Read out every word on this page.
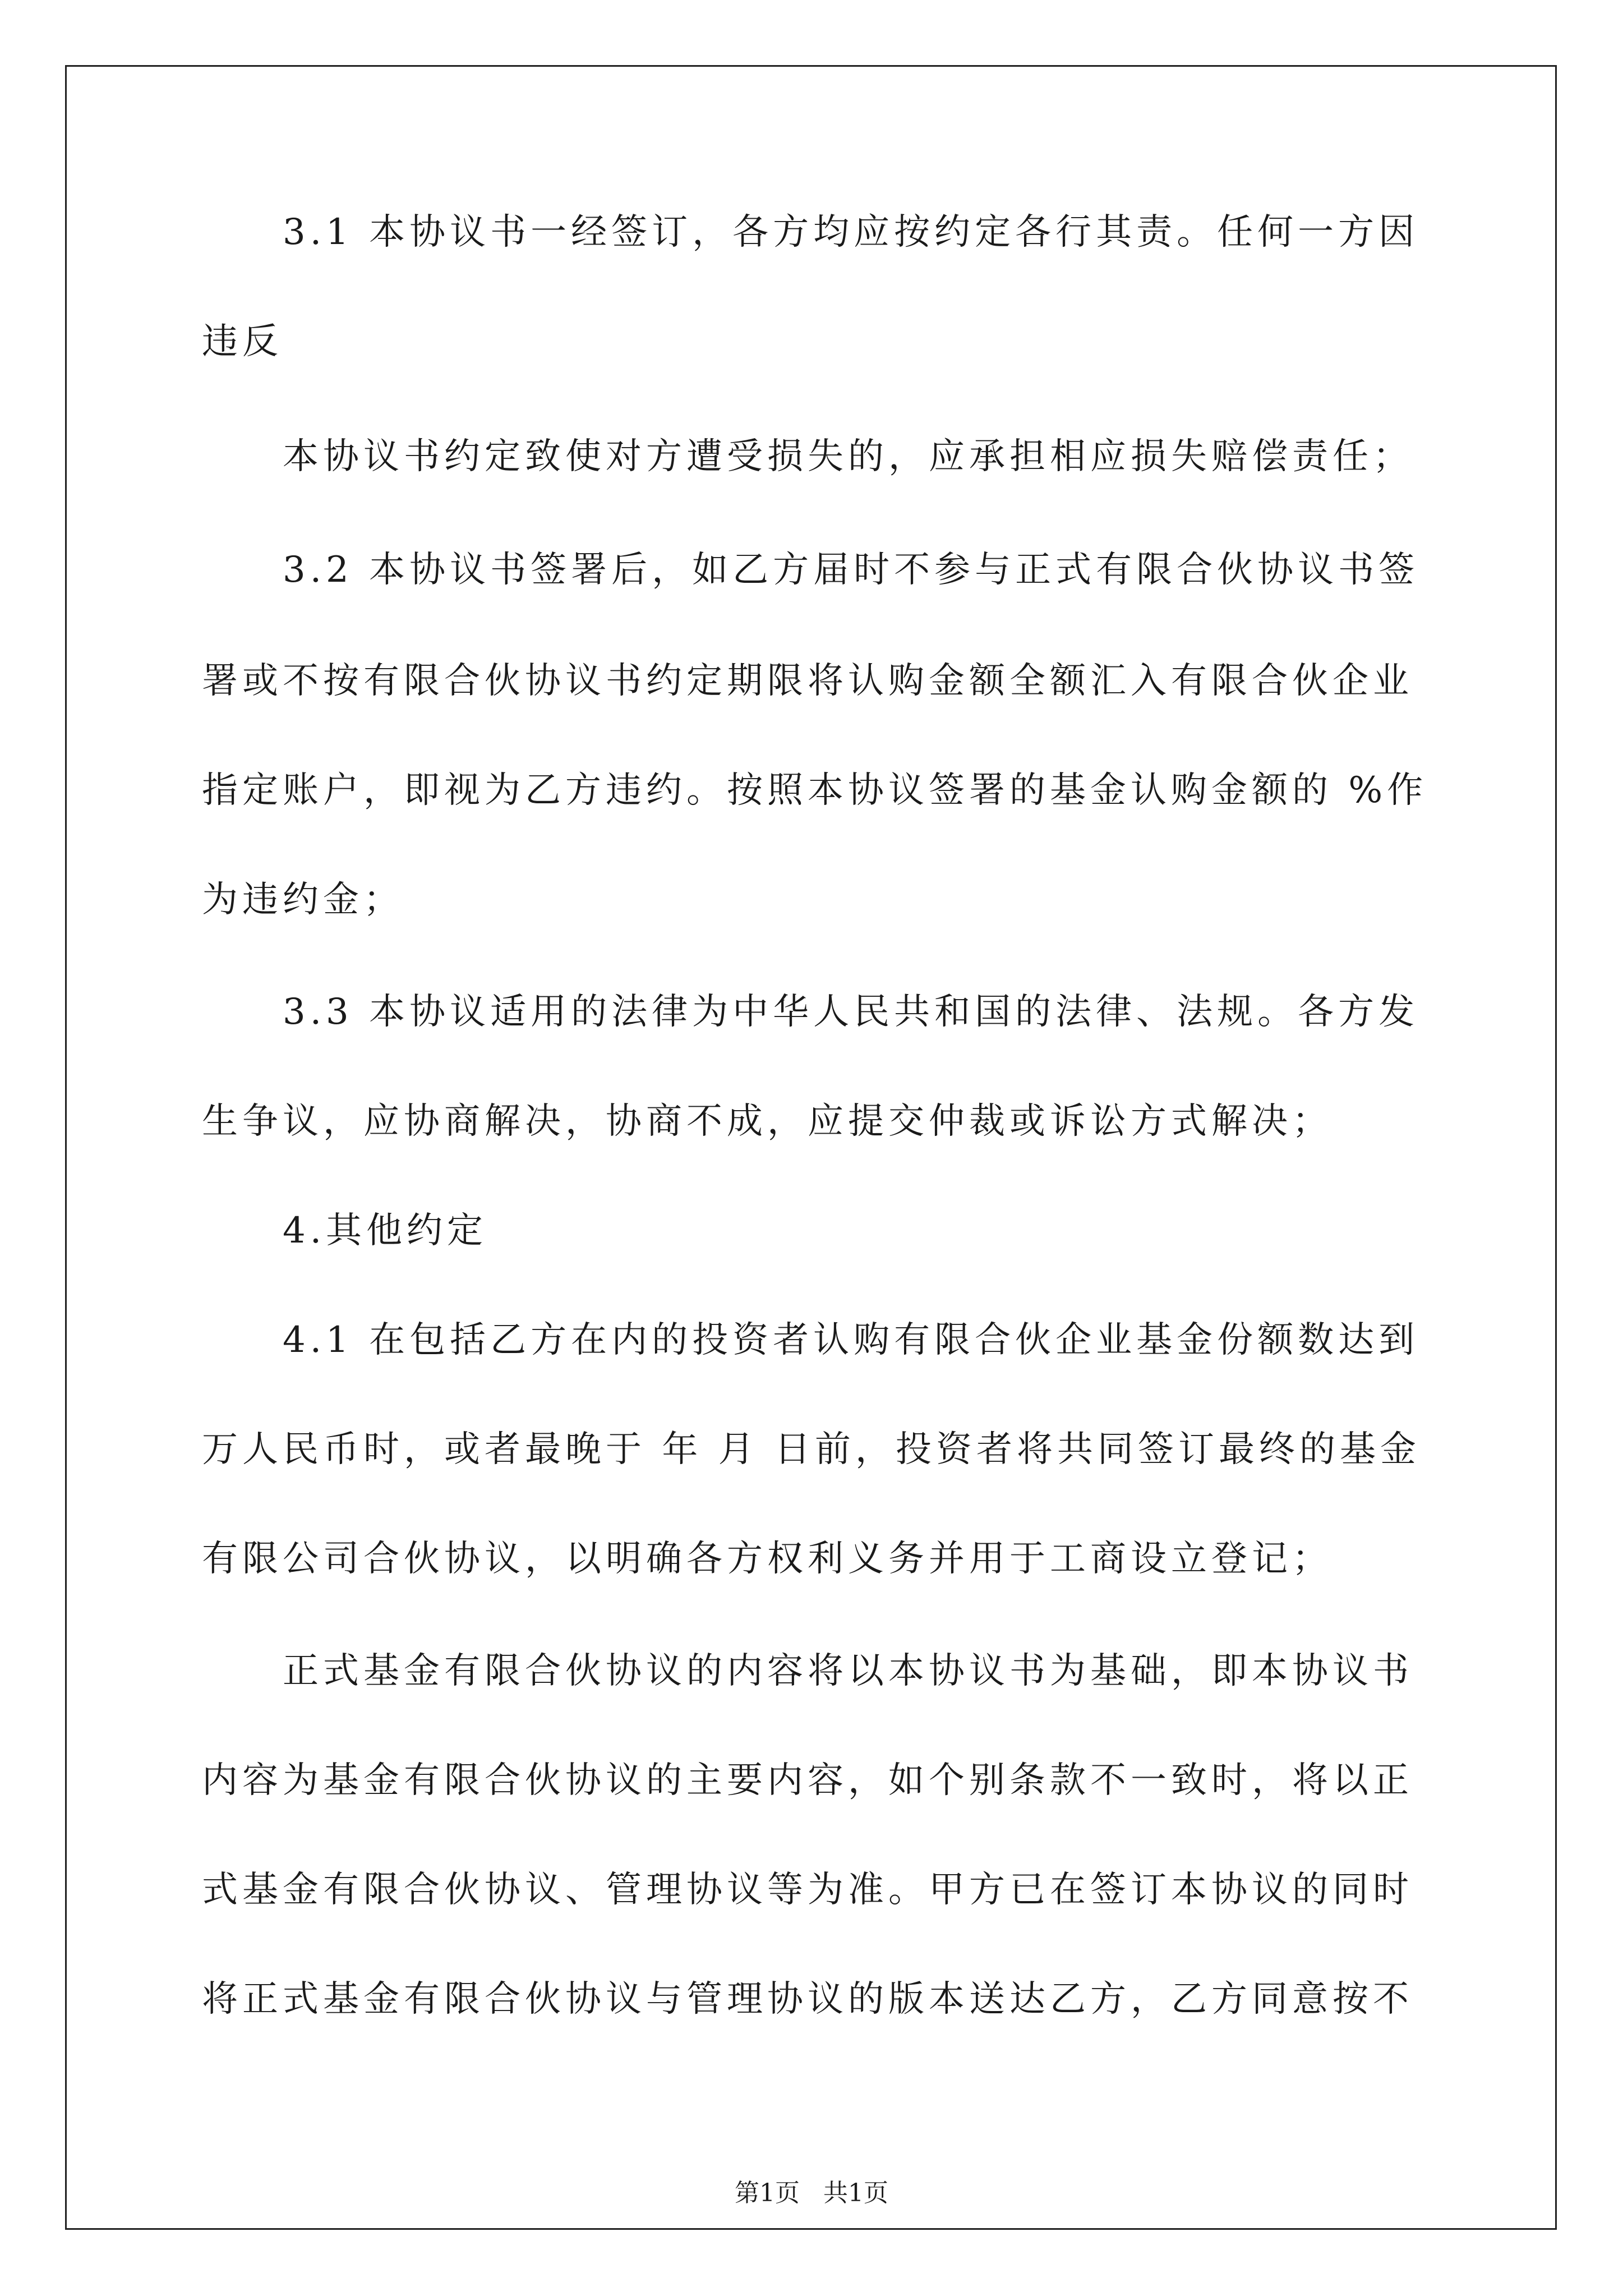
　　3.1 本协议书一经签订，各方均应按约定各行其责。任何一方因
违反
　　本协议书约定致使对方遭受损失的，应承担相应损失赔偿责任；
　　3.2 本协议书签署后，如乙方届时不参与正式有限合伙协议书签
署或不按有限合伙协议书约定期限将认购金额全额汇入有限合伙企业
指定账户，即视为乙方违约。按照本协议签署的基金认购金额的 %作
为违约金；
　　3.3 本协议适用的法律为中华人民共和国的法律、法规。各方发
生争议，应协商解决，协商不成，应提交仲裁或诉讼方式解决；
　　4.其他约定
　　4.1 在包括乙方在内的投资者认购有限合伙企业基金份额数达到
万人民币时，或者最晚于 年 月 日前，投资者将共同签订最终的基金
有限公司合伙协议，以明确各方权利义务并用于工商设立登记；
　　正式基金有限合伙协议的内容将以本协议书为基础，即本协议书
内容为基金有限合伙协议的主要内容，如个别条款不一致时，将以正
式基金有限合伙协议、管理协议等为准。甲方已在签订本协议的同时
将正式基金有限合伙协议与管理协议的版本送达乙方，乙方同意按不
第1页   共1页
